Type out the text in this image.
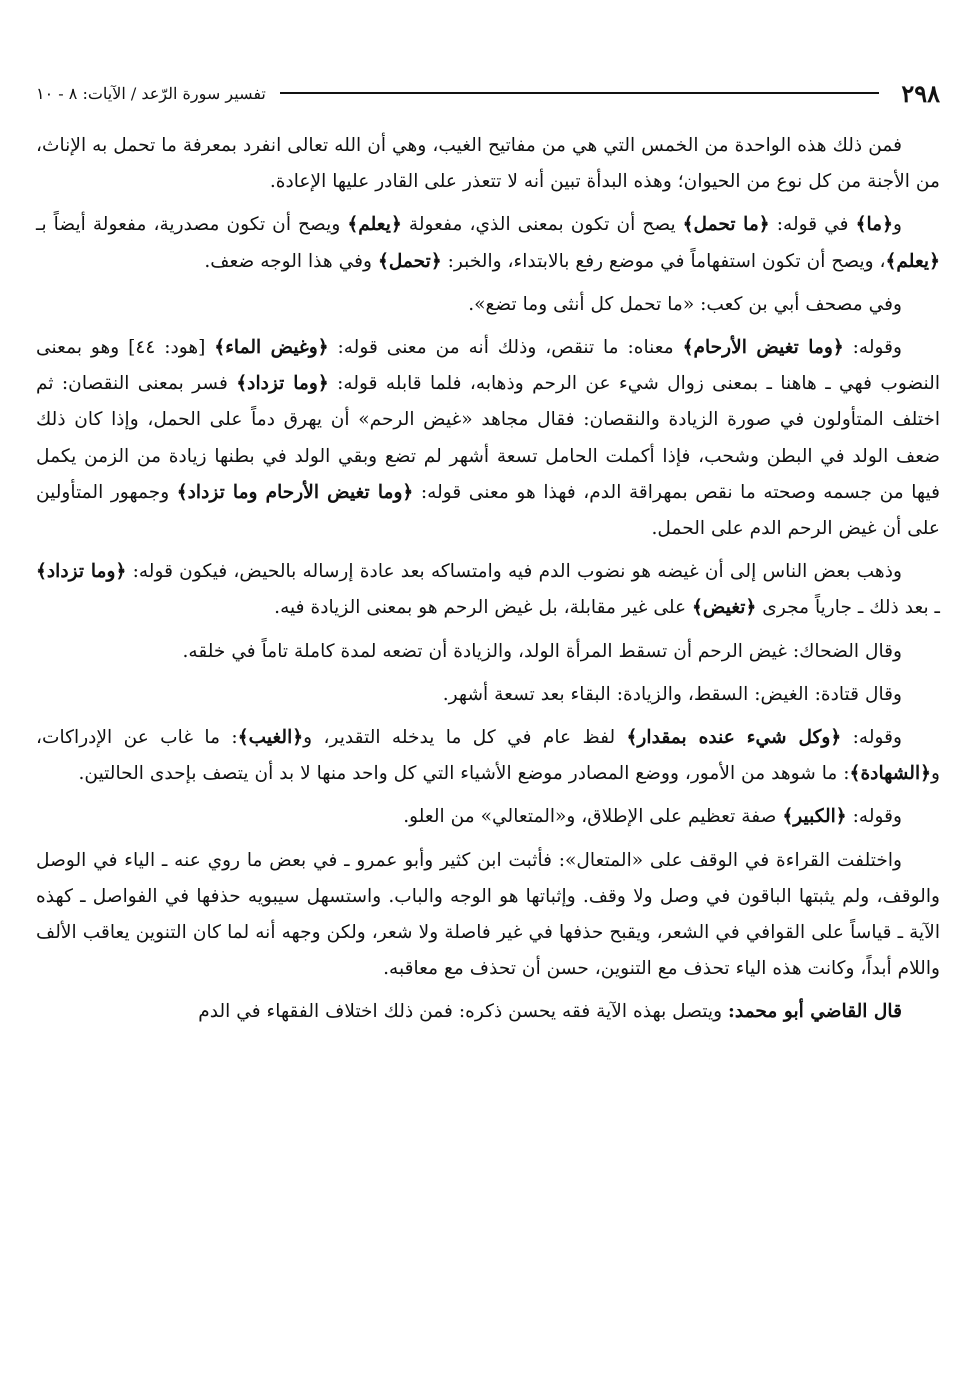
٢٩٨
تفسير سورة الرّعد / الآيات: ٨ - ١٠

فمن ذلك هذه الواحدة من الخمس التي هي من مفاتيح الغيب، وهي أن الله تعالى انفرد بمعرفة ما تحمل به الإناث، من الأجنة من كل نوع من الحيوان؛ وهذه البدأة تبين أنه لا تتعذر على القادر عليها الإعادة.

و﴿ما﴾ في قوله: ﴿ما تحمل﴾ يصح أن تكون بمعنى الذي، مفعولة ﴿يعلم﴾ ويصح أن تكون مصدرية، مفعولة أيضاً بـ ﴿يعلم﴾، ويصح أن تكون استفهاماً في موضع رفع بالابتداء، والخبر: ﴿تحمل﴾ وفي هذا الوجه ضعف.

وفي مصحف أبي بن كعب: «ما تحمل كل أنثى وما تضع».

وقوله: ﴿وما تغيض الأرحام﴾ معناه: ما تنقص، وذلك أنه من معنى قوله: ﴿وغيض الماء﴾ [هود: ٤٤] وهو بمعنى النضوب فهي ـ هاهنا ـ بمعنى زوال شيء عن الرحم وذهابه، فلما قابله قوله: ﴿وما تزداد﴾ فسر بمعنى النقصان: ثم اختلف المتأولون في صورة الزيادة والنقصان: فقال مجاهد «غيض الرحم» أن يهرق دماً على الحمل، وإذا كان ذلك ضعف الولد في البطن وشحب، فإذا أكملت الحامل تسعة أشهر لم تضع وبقي الولد في بطنها زيادة من الزمن يكمل فيها من جسمه وصحته ما نقص بمهراقة الدم، فهذا هو معنى قوله: ﴿وما تغيض الأرحام وما تزداد﴾ وجمهور المتأولين على أن غيض الرحم الدم على الحمل.

وذهب بعض الناس إلى أن غيضه هو نضوب الدم فيه وامتساكه بعد عادة إرساله بالحيض، فيكون قوله: ﴿وما تزداد﴾ ـ بعد ذلك ـ جارياً مجرى ﴿تغيض﴾ على غير مقابلة، بل غيض الرحم هو بمعنى الزيادة فيه.

وقال الضحاك: غيض الرحم أن تسقط المرأة الولد، والزيادة أن تضعه لمدة كاملة تاماً في خلقه.

وقال قتادة: الغيض: السقط، والزيادة: البقاء بعد تسعة أشهر.

وقوله: ﴿وكل شيء عنده بمقدار﴾ لفظ عام في كل ما يدخله التقدير، و﴿الغيب﴾: ما غاب عن الإدراكات، و﴿الشهادة﴾: ما شوهد من الأمور، ووضع المصادر موضع الأشياء التي كل واحد منها لا بد أن يتصف بإحدى الحالتين.

وقوله: ﴿الكبير﴾ صفة تعظيم على الإطلاق، و«المتعالي» من العلو.

واختلفت القراءة في الوقف على «المتعال»: فأثبت ابن كثير وأبو عمرو ـ في بعض ما روي عنه ـ الياء في الوصل والوقف، ولم يثبتها الباقون في وصل ولا وقف. وإثباتها هو الوجه والباب. واستسهل سيبويه حذفها في الفواصل ـ كهذه الآية ـ قياساً على القوافي في الشعر، ويقبح حذفها في غير فاصلة ولا شعر، ولكن وجهه أنه لما كان التنوين يعاقب الألف واللام أبداً، وكانت هذه الياء تحذف مع التنوين، حسن أن تحذف مع معاقبه.

قال القاضي أبو محمد: ويتصل بهذه الآية فقه يحسن ذكره: فمن ذلك اختلاف الفقهاء في الدم
